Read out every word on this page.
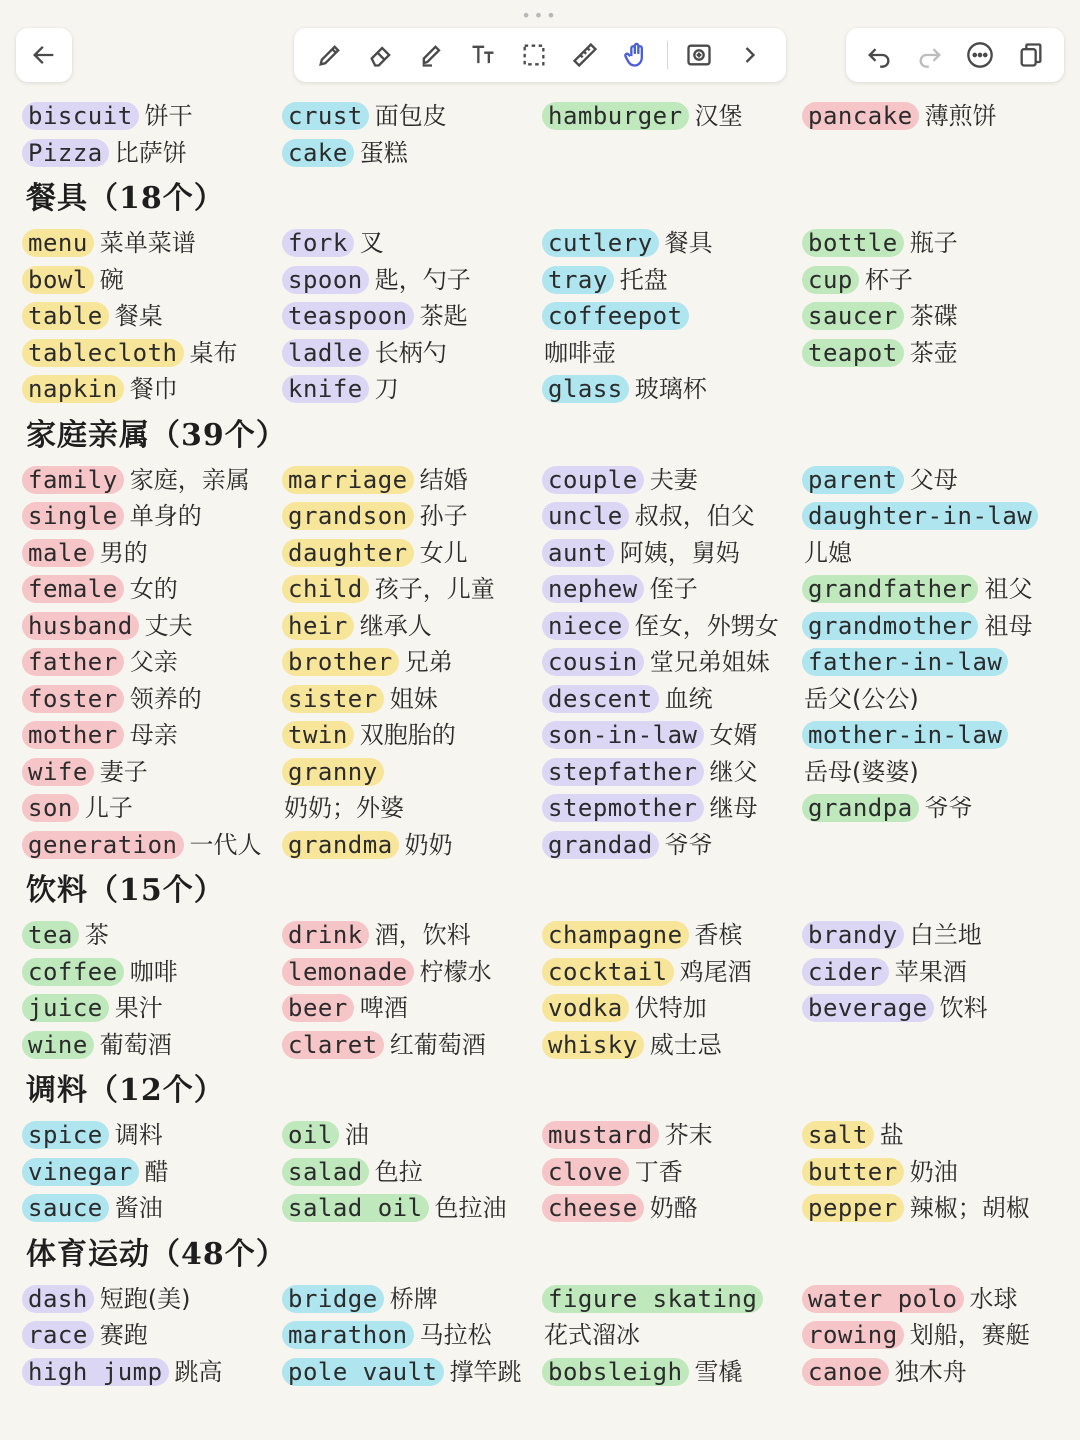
•••
biscuit 饼干
Pizza 比萨饼
crust 面包皮
cake 蛋糕
hamburger 汉堡	pancake 薄煎饼
餐具（18个）
menu 菜单菜谱
bowl 碗
table 餐桌
tablecloth 桌布
napkin 餐巾
fork 叉
spoon 匙，勺子
teaspoon 茶匙
ladle 长柄勺
knife 刀
cutlery 餐具
tray 托盘
coffeepot
咖啡壶
glass 玻璃杯
bottle 瓶子
cup 杯子
saucer 茶碟
teapot 茶壶
家庭亲属（39个）
family 家庭，亲属
single 单身的
male 男的
female 女的
husband 丈夫
father 父亲
foster 领养的
mother 母亲
wife 妻子
son 儿子
generation 一代人
marriage 结婚
grandson 孙子
daughter 女儿
child 孩子，儿童
heir 继承人
brother 兄弟
sister 姐妹
twin 双胞胎的
granny
奶奶；外婆
grandma 奶奶
couple 夫妻
uncle 叔叔，伯父
aunt 阿姨，舅妈
nephew 侄子
niece 侄女，外甥女
cousin 堂兄弟姐妹
descent 血统
son-in-law 女婿
stepfather 继父
stepmother 继母
grandad 爷爷
parent 父母
daughter-in-law
儿媳
grandfather 祖父
grandmother 祖母
father-in-law
岳父(公公)
mother-in-law
岳母(婆婆)
grandpa 爷爷
饮料（15个）
tea 茶
coffee 咖啡
juice 果汁
wine 葡萄酒
drink 酒，饮料
lemonade 柠檬水
beer 啤酒
claret 红葡萄酒
champagne 香槟
cocktail 鸡尾酒
vodka 伏特加
whisky 威士忌
brandy 白兰地
cider 苹果酒
beverage 饮料
调料（12个）
spice 调料
vinegar 醋
sauce 酱油
oil 油
salad 色拉
salad oil 色拉油
mustard 芥末
clove 丁香
cheese 奶酪
salt 盐
butter 奶油
pepper 辣椒；胡椒
体育运动（48个）
dash 短跑(美)
race 赛跑
high jump 跳高
bridge 桥牌
marathon 马拉松
pole vault 撑竿跳
figure skating
花式溜冰
bobsleigh 雪橇
water polo 水球
rowing 划船，赛艇
canoe 独木舟
